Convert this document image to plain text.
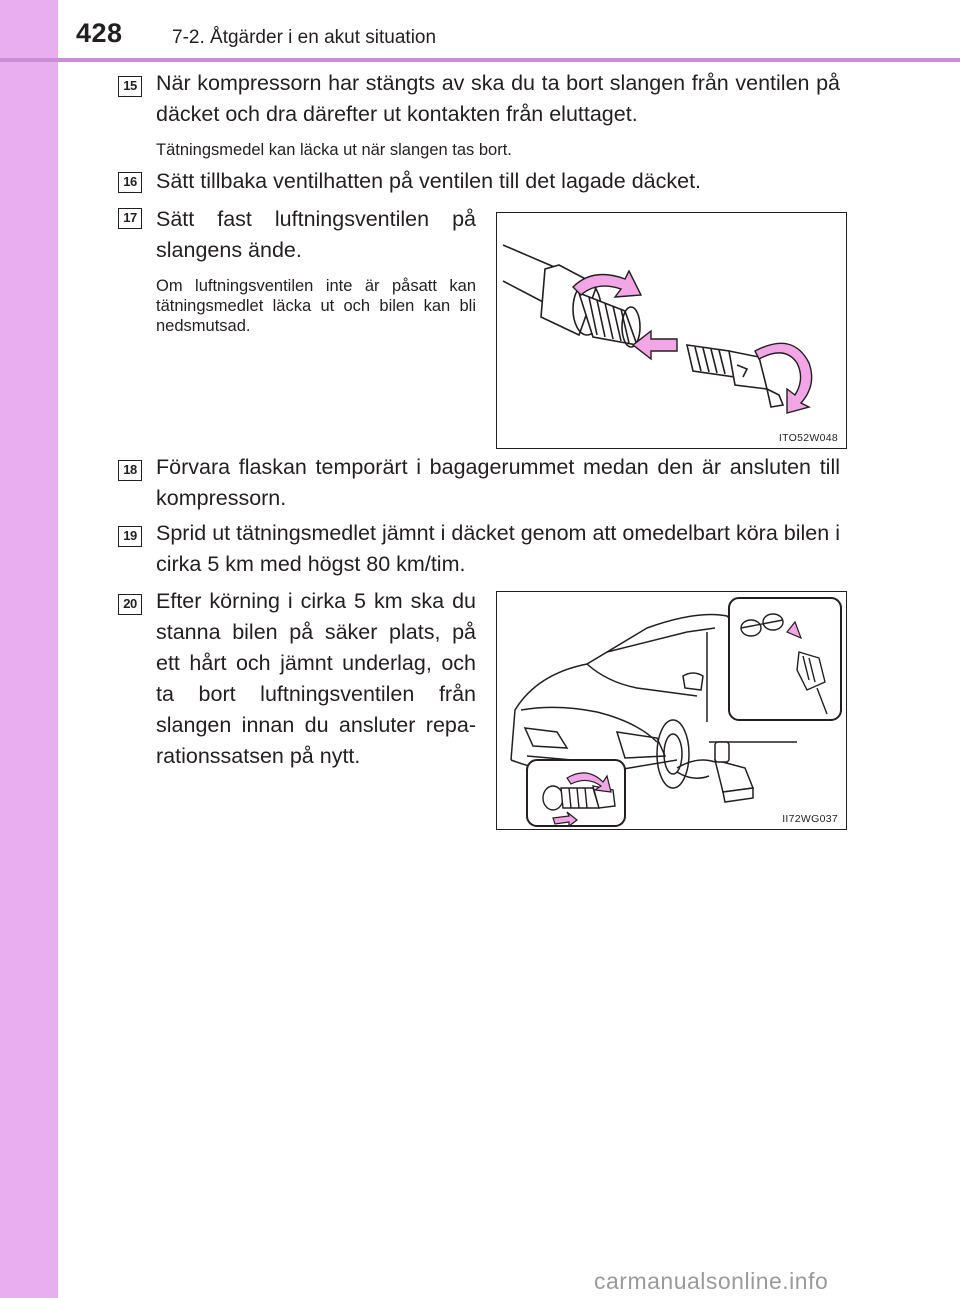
428	7-2. Åtgärder i en akut situation
15 När kompressorn har stängts av ska du ta bort slangen från ventilen på däcket och dra därefter ut kontakten från eluttaget.
Tätningsmedel kan läcka ut när slangen tas bort.
16 Sätt tillbaka ventilhatten på ventilen till det lagade däcket.
17 Sätt fast luftningsventilen på slangens ände.
Om luftningsventilen inte är påsatt kan tätningsmedlet läcka ut och bilen kan bli nedsmutsad.
ITO52W048
18 Förvara flaskan temporärt i bagagerummet medan den är ansluten till kompressorn.
19 Sprid ut tätningsmedlet jämnt i däcket genom att omedelbart köra bilen i cirka 5 km med högst 80 km/tim.
20 Efter körning i cirka 5 km ska du stanna bilen på säker plats, på ett hårt och jämnt underlag, och ta bort luftningsventilen från slangen innan du ansluter reparationssatsen på nytt.
II72WG037
carmanualsonline.info
